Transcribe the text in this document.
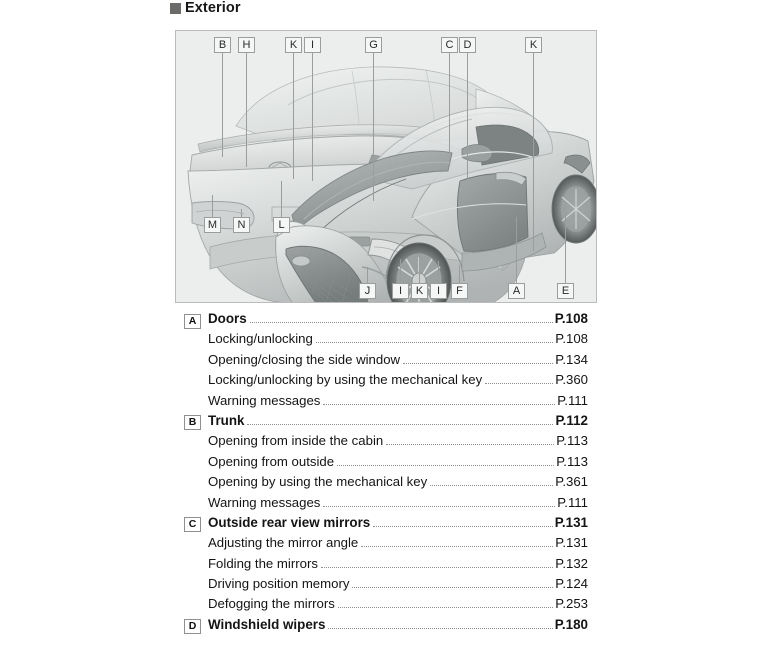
Exterior
B	H	K	I	G	C D	K
M	N	L
J	I	K	I	F	A	E
A Doors	P.108
Locking/unlocking	P.108
Opening/closing the side window	P.134
Locking/unlocking by using the mechanical key	P.360
Warning messages	P.111
B Trunk	P.112
Opening from inside the cabin	P.113
Opening from outside	P.113
Opening by using the mechanical key	P.361
Warning messages	P.111
C Outside rear view mirrors	P.131
Adjusting the mirror angle	P.131
Folding the mirrors	P.132
Driving position memory	P.124
Defogging the mirrors	P.253
D Windshield wipers	P.180
